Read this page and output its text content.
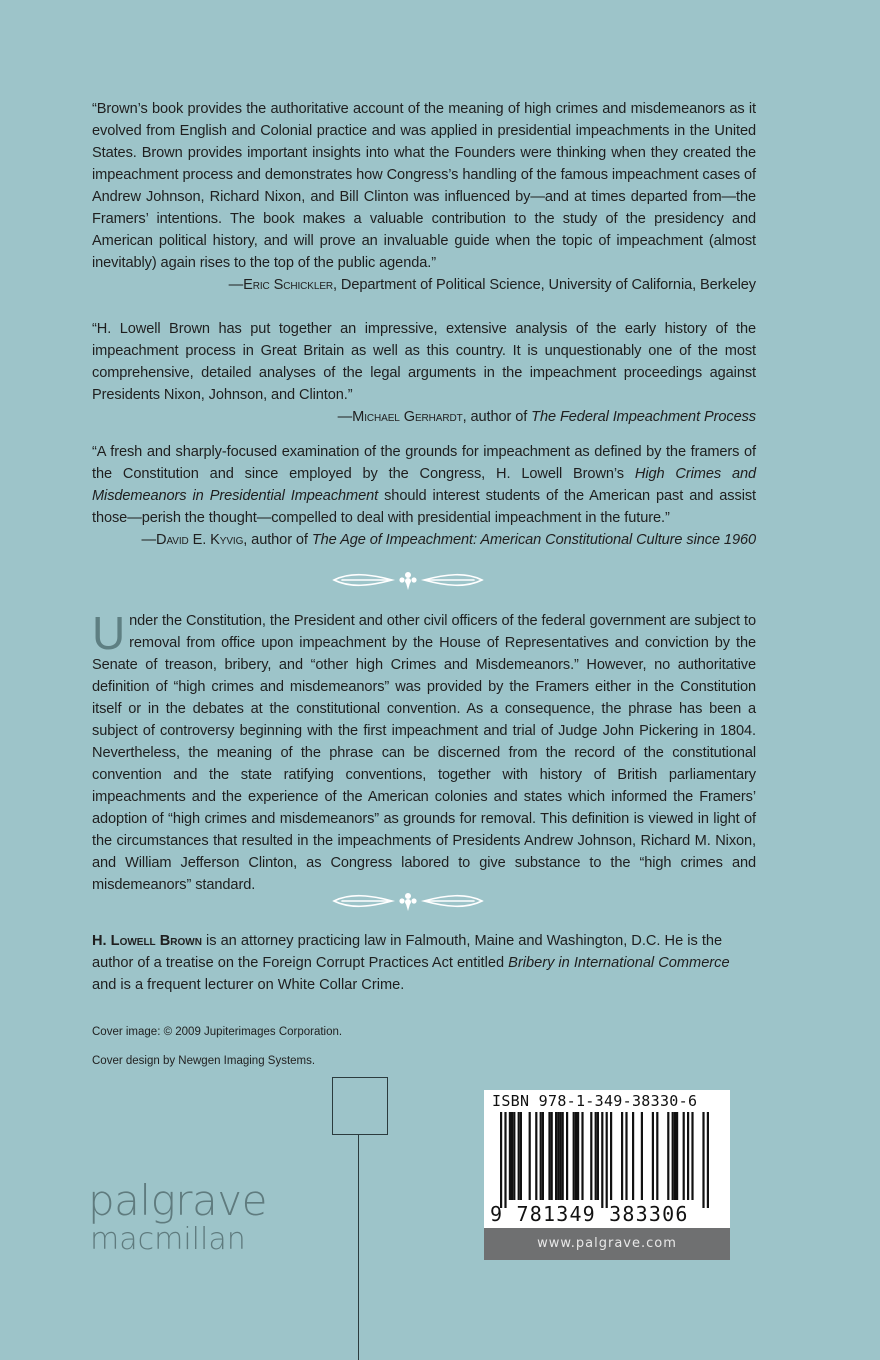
“Brown’s book provides the authoritative account of the meaning of high crimes and misdemeanors as it evolved from English and Colonial practice and was applied in presidential impeachments in the United States. Brown provides important insights into what the Founders were thinking when they created the impeachment process and demonstrates how Congress’s handling of the famous impeachment cases of Andrew Johnson, Richard Nixon, and Bill Clinton was influenced by—and at times departed from—the Framers’ intentions. The book makes a valuable contribution to the study of the presidency and American political history, and will prove an invaluable guide when the topic of impeachment (almost inevitably) again rises to the top of the public agenda.”

—Eric Schickler, Department of Political Science, University of California, Berkeley

“H. Lowell Brown has put together an impressive, extensive analysis of the early history of the impeachment process in Great Britain as well as this country. It is unquestionably one of the most comprehensive, detailed analyses of the legal arguments in the impeachment proceedings against Presidents Nixon, Johnson, and Clinton.”

—Michael Gerhardt, author of The Federal Impeachment Process

“A fresh and sharply-focused examination of the grounds for impeachment as defined by the framers of the Constitution and since employed by the Congress, H. Lowell Brown’s High Crimes and Misdemeanors in Presidential Impeachment should interest students of the American past and assist those—perish the thought—compelled to deal with presidential impeachment in the future.”

—David E. Kyvig, author of The Age of Impeachment: American Constitutional Culture since 1960

Under the Constitution, the President and other civil officers of the federal government are subject to removal from office upon impeachment by the House of Representatives and conviction by the Senate of treason, bribery, and “other high Crimes and Misdemeanors.” However, no authoritative definition of “high crimes and misdemeanors” was provided by the Framers either in the Constitution itself or in the debates at the constitutional convention. As a consequence, the phrase has been a subject of controversy beginning with the first impeachment and trial of Judge John Pickering in 1804. Nevertheless, the meaning of the phrase can be discerned from the record of the constitutional convention and the state ratifying conventions, together with history of British parliamentary impeachments and the experience of the American colonies and states which informed the Framers’ adoption of “high crimes and misdemeanors” as grounds for removal. This definition is viewed in light of the circumstances that resulted in the impeachments of Presidents Andrew Johnson, Richard M. Nixon, and William Jefferson Clinton, as Congress labored to give substance to the “high crimes and misdemeanors” standard.
H. Lowell Brown is an attorney practicing law in Falmouth, Maine and Washington, D.C. He is the author of a treatise on the Foreign Corrupt Practices Act entitled Bribery in International Commerce and is a frequent lecturer on White Collar Crime.
Cover image: © 2009 Jupiterimages Corporation.
Cover design by Newgen Imaging Systems.
palgrave
macmillan
ISBN 978-1-349-38330-6
9 781349 383306
www.palgrave.com
